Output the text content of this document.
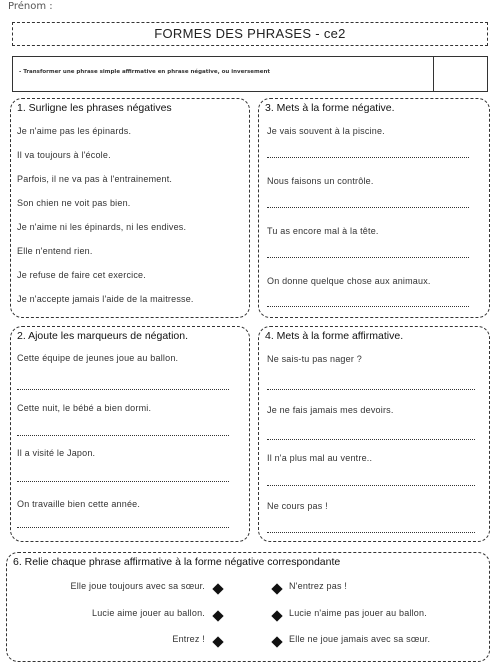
Prénom :
FORMES DES PHRASES - ce2
- Transformer une phrase simple affirmative en phrase négative, ou inversement
1. Surligne les phrases négatives
Je n'aime pas les épinards.
Il va toujours à l'école.
Parfois, il ne va pas à l'entrainement.
Son chien ne voit pas bien.
Je n'aime ni les épinards, ni les endives.
Elle n'entend rien.
Je refuse de faire cet exercice.
Je n'accepte jamais l'aide de la maitresse.
3. Mets à la forme négative.
Je vais souvent à la piscine.
Nous faisons un contrôle.
Tu as encore mal à la tête.
On donne quelque chose aux animaux.
2. Ajoute les marqueurs de négation.
Cette équipe de jeunes joue au ballon.
Cette nuit, le bébé a bien dormi.
Il a visité le Japon.
On travaille bien cette année.
4. Mets à la forme affirmative.
Ne sais-tu pas nager ?
Je ne fais jamais mes devoirs.
Il n'a plus mal au ventre..
Ne cours pas !
6. Relie chaque phrase affirmative à la forme négative correspondante
Elle joue toujours avec sa sœur.	N'entrez pas !
Lucie aime jouer au ballon.	Lucie n'aime pas jouer au ballon.
Entrez !	Elle ne joue jamais avec sa sœur.
